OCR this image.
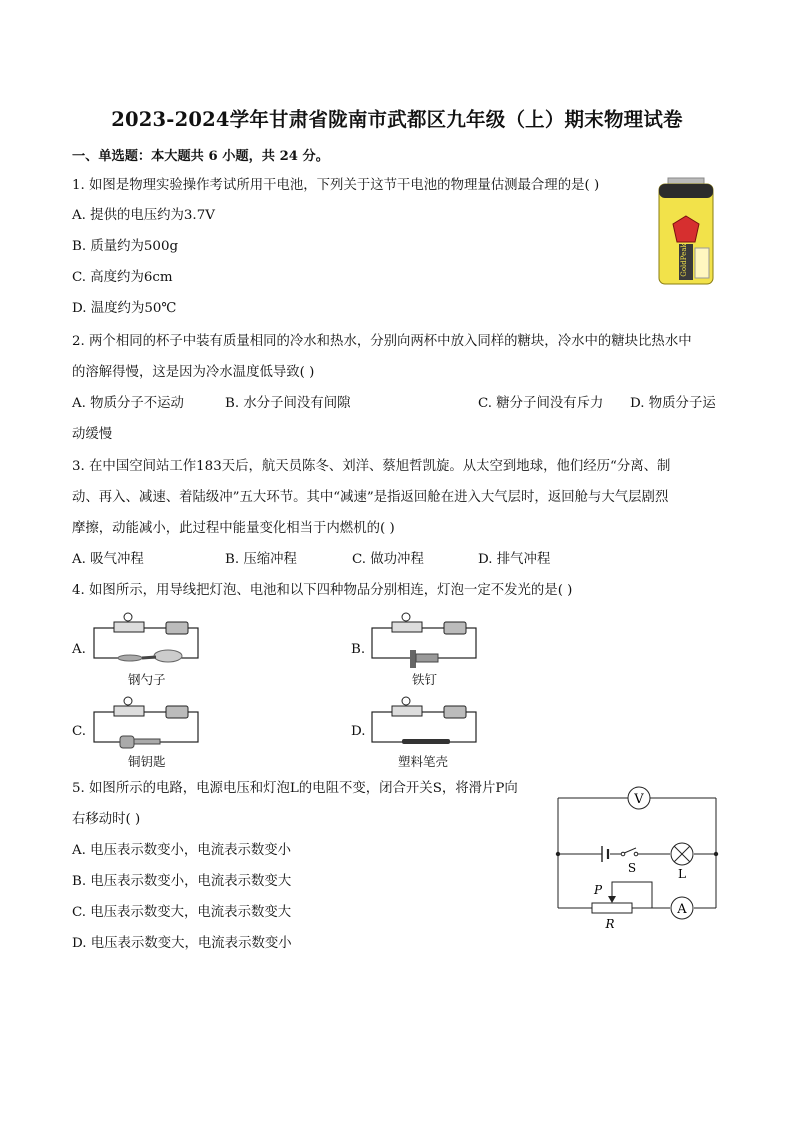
2023-2024学年甘肃省陇南市武都区九年级（上）期末物理试卷
一、单选题：本大题共 6 小题，共 24 分。
1. 如图是物理实验操作考试所用干电池，下列关于这节干电池的物理量估测最合理的是( )
A. 提供的电压约为3.7V
B. 质量约为500g
C. 高度约为6cm
D. 温度约为50℃
GoldPeak
2. 两个相同的杯子中装有质量相同的冷水和热水，分别向两杯中放入同样的糖块，冷水中的糖块比热水中
的溶解得慢，这是因为冷水温度低导致( )
A. 物质分子不运动	B. 水分子间没有间隙	C. 糖分子间没有斥力 D. 物质分子运
动缓慢
3. 在中国空间站工作183天后，航天员陈冬、刘洋、蔡旭哲凯旋。从太空到地球，他们经历“分离、制
动、再入、减速、着陆级冲”五大环节。其中“减速”是指返回舱在进入大气层时，返回舱与大气层剧烈
摩擦，动能减小，此过程中能量变化相当于内燃机的( )
A. 吸气冲程	B. 压缩冲程	C. 做功冲程	D. 排气冲程
4. 如图所示，用导线把灯泡、电池和以下四种物品分别相连，灯泡一定不发光的是( )
A.
钢勺子
B.
铁钉
C.
铜钥匙
D.
塑料笔壳
5. 如图所示的电路，电源电压和灯泡L的电阻不变，闭合开关S，将滑片P向
右移动时( )
A. 电压表示数变小，电流表示数变小
B. 电压表示数变小，电流表示数变大
C. 电压表示数变大，电流表示数变大
D. 电压表示数变大，电流表示数变小
V
L
S
A
P
R
